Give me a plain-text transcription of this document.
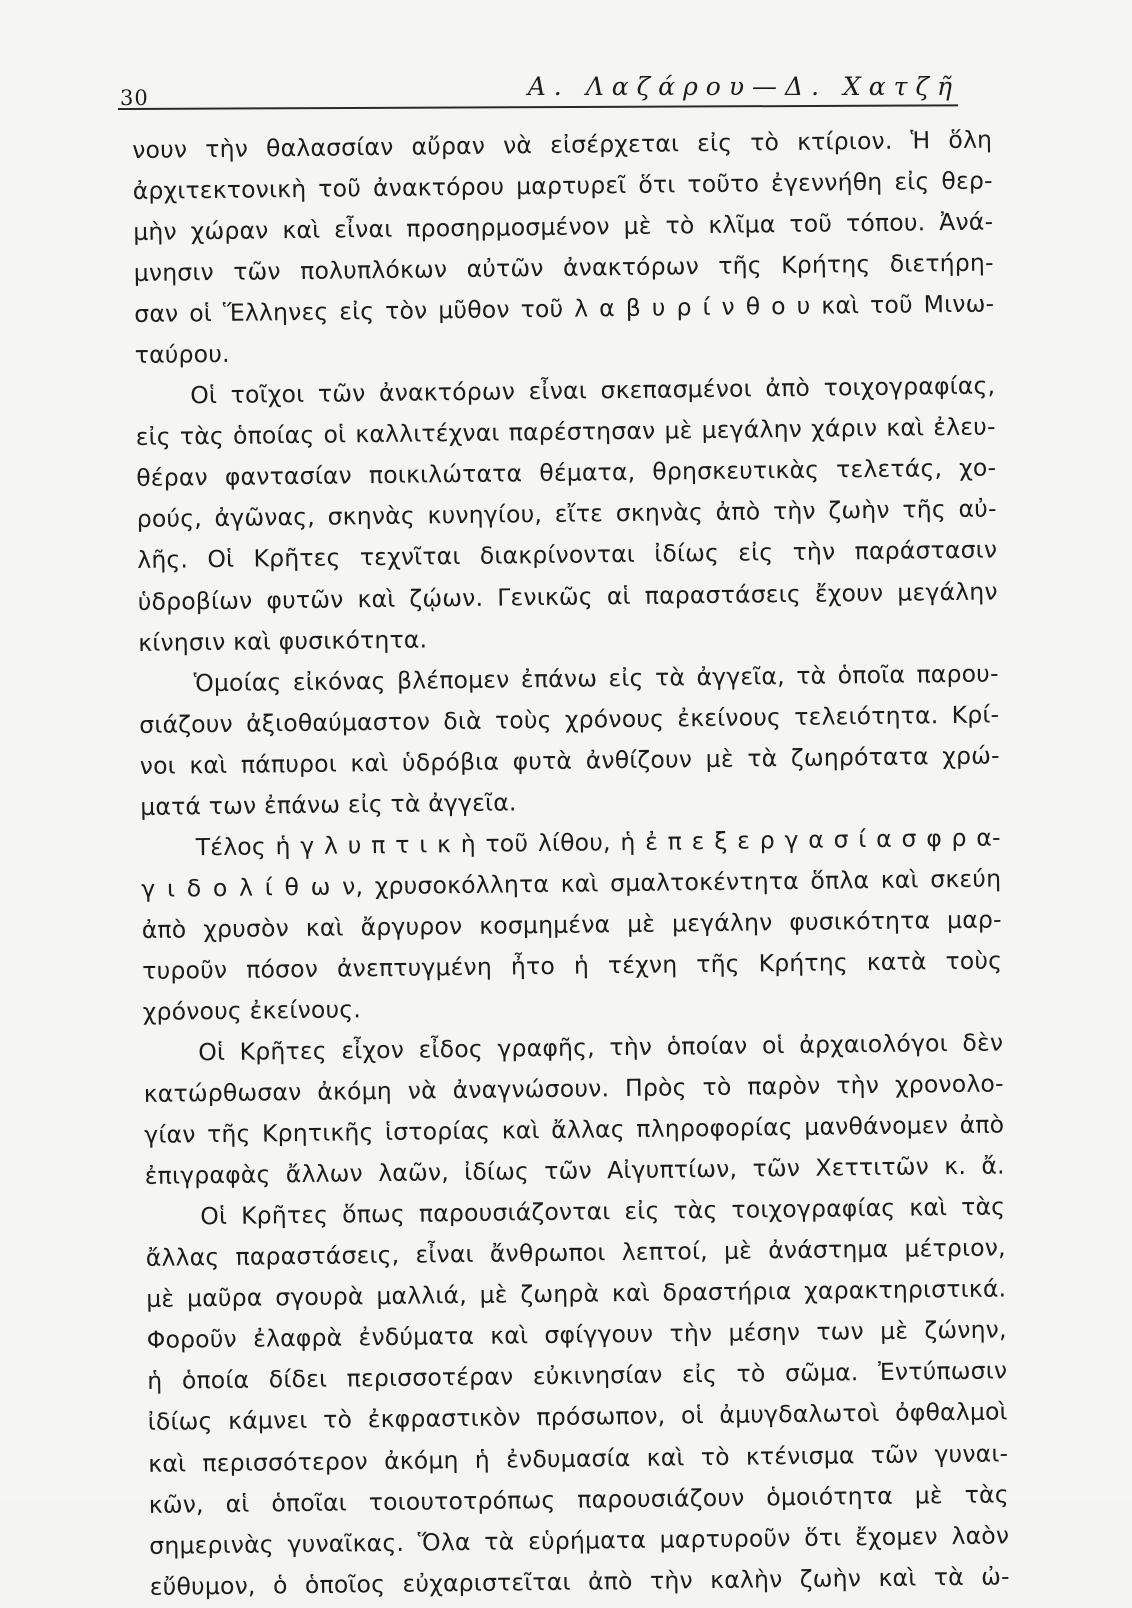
30	Α. Λαζάρου—Δ. Χατζῆ
νουν τὴν θαλασσίαν αὔραν νὰ εἰσέρχεται εἰς τὸ κτίριον. Ἡ ὅλη
ἀρχιτεκτονικὴ τοῦ ἀνακτόρου μαρτυρεῖ ὅτι τοῦτο ἐγεννήθη εἰς θερ-
μὴν χώραν καὶ εἶναι προσηρμοσμένον μὲ τὸ κλῖμα τοῦ τόπου. Ἀνά-
μνησιν τῶν πολυπλόκων αὐτῶν ἀνακτόρων τῆς Κρήτης διετήρη-
σαν οἱ Ἕλληνες εἰς τὸν μῦθον τοῦ λ α β υ ρ ί ν θ ο υ καὶ τοῦ Μινω-
ταύρου.
Οἱ τοῖχοι τῶν ἀνακτόρων εἶναι σκεπασμένοι ἀπὸ τοιχογραφίας,
εἰς τὰς ὁποίας οἱ καλλιτέχναι παρέστησαν μὲ μεγάλην χάριν καὶ ἐλευ-
θέραν φαντασίαν ποικιλώτατα θέματα, θρησκευτικὰς τελετάς, χο-
ρούς, ἀγῶνας, σκηνὰς κυνηγίου, εἴτε σκηνὰς ἀπὸ τὴν ζωὴν τῆς αὐ-
λῆς. Οἱ Κρῆτες τεχνῖται διακρίνονται ἰδίως εἰς τὴν παράστασιν
ὑδροβίων φυτῶν καὶ ζῴων. Γενικῶς αἱ παραστάσεις ἔχουν μεγάλην
κίνησιν καὶ φυσικότητα.
Ὁμοίας εἰκόνας βλέπομεν ἐπάνω εἰς τὰ ἀγγεῖα, τὰ ὁποῖα παρου-
σιάζουν ἀξιοθαύμαστον διὰ τοὺς χρόνους ἐκείνους τελειότητα. Κρί-
νοι καὶ πάπυροι καὶ ὑδρόβια φυτὰ ἀνθίζουν μὲ τὰ ζωηρότατα χρώ-
ματά των ἐπάνω εἰς τὰ ἀγγεῖα.
Τέλος ἡ γ λ υ π τ ι κ ὴ τοῦ λίθου, ἡ ἐ π ε ξ ε ρ γ α σ ί α σ φ ρ α-
γ ι δ ο λ ί θ ω ν, χρυσοκόλλητα καὶ σμαλτοκέντητα ὅπλα καὶ σκεύη
ἀπὸ χρυσὸν καὶ ἄργυρον κοσμημένα μὲ μεγάλην φυσικότητα μαρ-
τυροῦν πόσον ἀνεπτυγμένη ἦτο ἡ τέχνη τῆς Κρήτης κατὰ τοὺς
χρόνους ἐκείνους.
Οἱ Κρῆτες εἶχον εἶδος γραφῆς, τὴν ὁποίαν οἱ ἀρχαιολόγοι δὲν
κατώρθωσαν ἀκόμη νὰ ἀναγνώσουν. Πρὸς τὸ παρὸν τὴν χρονολο-
γίαν τῆς Κρητικῆς ἱστορίας καὶ ἄλλας πληροφορίας μανθάνομεν ἀπὸ
ἐπιγραφὰς ἄλλων λαῶν, ἰδίως τῶν Αἰγυπτίων, τῶν Χεττιτῶν κ. ἄ.
Οἱ Κρῆτες ὅπως παρουσιάζονται εἰς τὰς τοιχογραφίας καὶ τὰς
ἄλλας παραστάσεις, εἶναι ἄνθρωποι λεπτοί, μὲ ἀνάστημα μέτριον,
μὲ μαῦρα σγουρὰ μαλλιά, μὲ ζωηρὰ καὶ δραστήρια χαρακτηριστικά.
Φοροῦν ἐλαφρὰ ἐνδύματα καὶ σφίγγουν τὴν μέσην των μὲ ζώνην,
ἡ ὁποία δίδει περισσοτέραν εὐκινησίαν εἰς τὸ σῶμα. Ἐντύπωσιν
ἰδίως κάμνει τὸ ἐκφραστικὸν πρόσωπον, οἱ ἀμυγδαλωτοὶ ὀφθαλμοὶ
καὶ περισσότερον ἀκόμη ἡ ἐνδυμασία καὶ τὸ κτένισμα τῶν γυναι-
κῶν, αἱ ὁποῖαι τοιουτοτρόπως παρουσιάζουν ὁμοιότητα μὲ τὰς
σημερινὰς γυναῖκας. Ὅλα τὰ εὑρήματα μαρτυροῦν ὅτι ἔχομεν λαὸν
εὔθυμον, ὁ ὁποῖος εὐχαριστεῖται ἀπὸ τὴν καλὴν ζωὴν καὶ τὰ ὠ-
